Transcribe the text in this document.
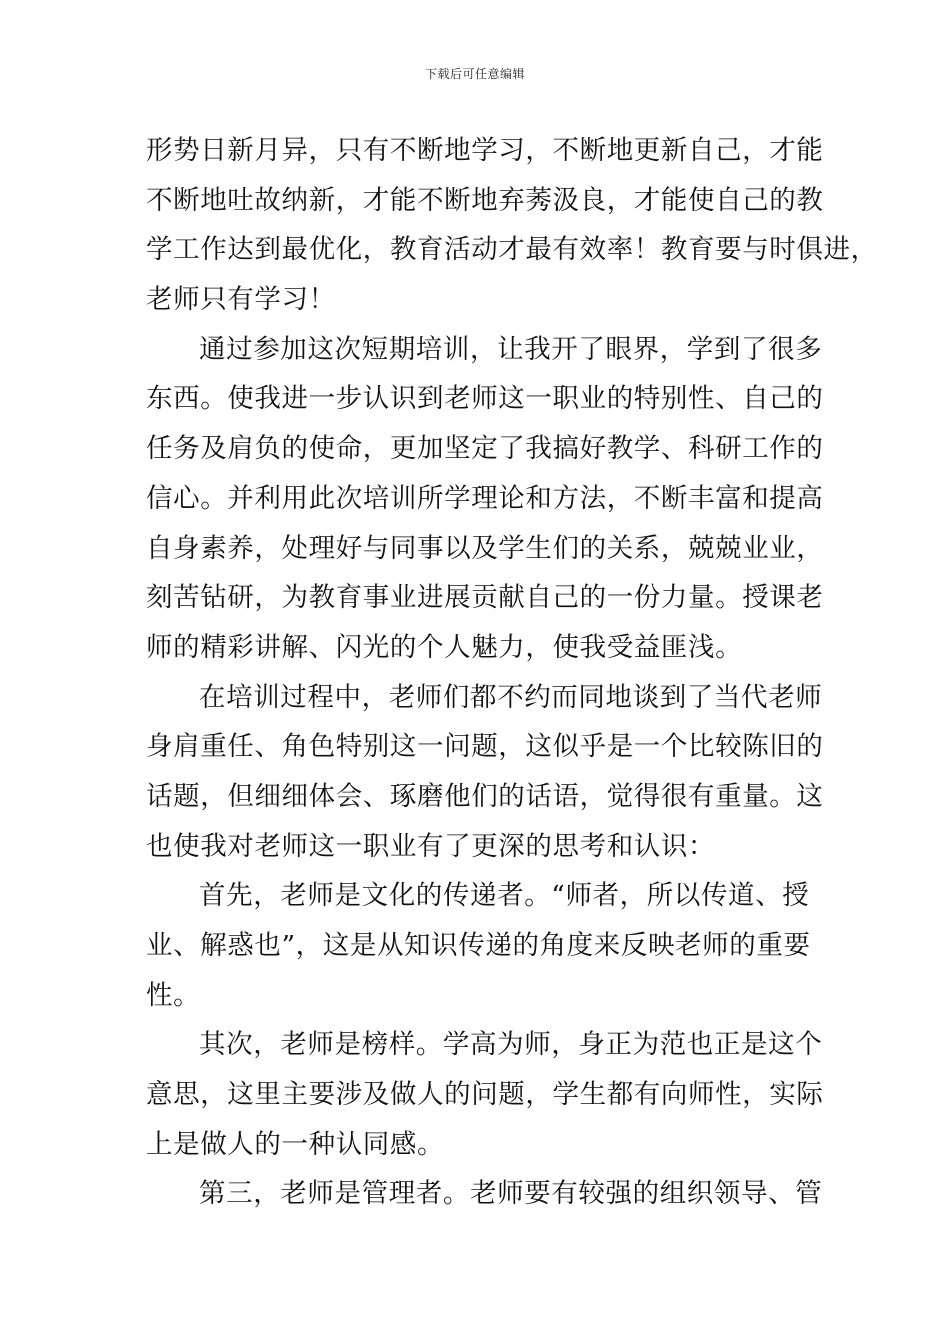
下载后可任意编辑
形势日新月异，只有不断地学习，不断地更新自己，才能
不断地吐故纳新，才能不断地弃莠汲良，才能使自己的教
学工作达到最优化，教育活动才最有效率！教育要与时俱进，
老师只有学习！
通过参加这次短期培训，让我开了眼界，学到了很多
东西。使我进一步认识到老师这一职业的特别性、自己的
任务及肩负的使命，更加坚定了我搞好教学、科研工作的
信心。并利用此次培训所学理论和方法，不断丰富和提高
自身素养，处理好与同事以及学生们的关系，兢兢业业，
刻苦钻研，为教育事业进展贡献自己的一份力量。授课老
师的精彩讲解、闪光的个人魅力，使我受益匪浅。
在培训过程中，老师们都不约而同地谈到了当代老师
身肩重任、角色特别这一问题，这似乎是一个比较陈旧的
话题，但细细体会、琢磨他们的话语，觉得很有重量。这
也使我对老师这一职业有了更深的思考和认识：
首先，老师是文化的传递者。“师者，所以传道、授
业、解惑也”，这是从知识传递的角度来反映老师的重要
性。
其次，老师是榜样。学高为师，身正为范也正是这个
意思，这里主要涉及做人的问题，学生都有向师性，实际
上是做人的一种认同感。
第三，老师是管理者。老师要有较强的组织领导、管
